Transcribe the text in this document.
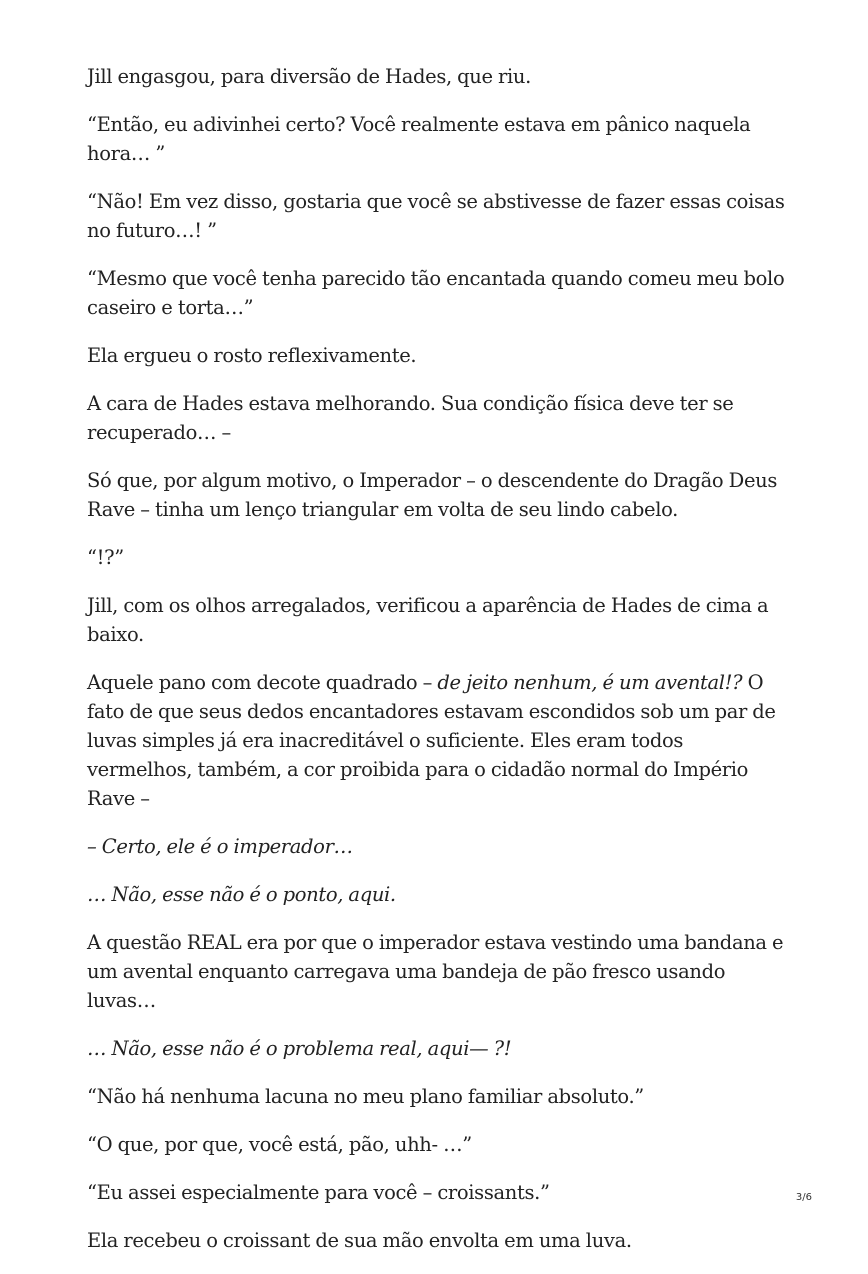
Jill engasgou, para diversão de Hades, que riu.

“Então, eu adivinhei certo? Você realmente estava em pânico naquela hora… ”

“Não! Em vez disso, gostaria que você se abstivesse de fazer essas coisas no futuro…! ”

“Mesmo que você tenha parecido tão encantada quando comeu meu bolo caseiro e torta…”

Ela ergueu o rosto reflexivamente.

A cara de Hades estava melhorando. Sua condição física deve ter se recuperado… –

Só que, por algum motivo, o Imperador – o descendente do Dragão Deus Rave – tinha um lenço triangular em volta de seu lindo cabelo.

“!?”

Jill, com os olhos arregalados, verificou a aparência de Hades de cima a baixo.

Aquele pano com decote quadrado – de jeito nenhum, é um avental!? O fato de que seus dedos encantadores estavam escondidos sob um par de luvas simples já era inacreditável o suficiente. Eles eram todos vermelhos, também, a cor proibida para o cidadão normal do Império Rave –

– Certo, ele é o imperador…

… Não, esse não é o ponto, aqui.

A questão REAL era por que o imperador estava vestindo uma bandana e um avental enquanto carregava uma bandeja de pão fresco usando luvas…

… Não, esse não é o problema real, aqui— ?!

“Não há nenhuma lacuna no meu plano familiar absoluto.”

“O que, por que, você está, pão, uhh- …”

“Eu assei especialmente para você – croissants.”

Ela recebeu o croissant de sua mão envolta em uma luva.

3/6
